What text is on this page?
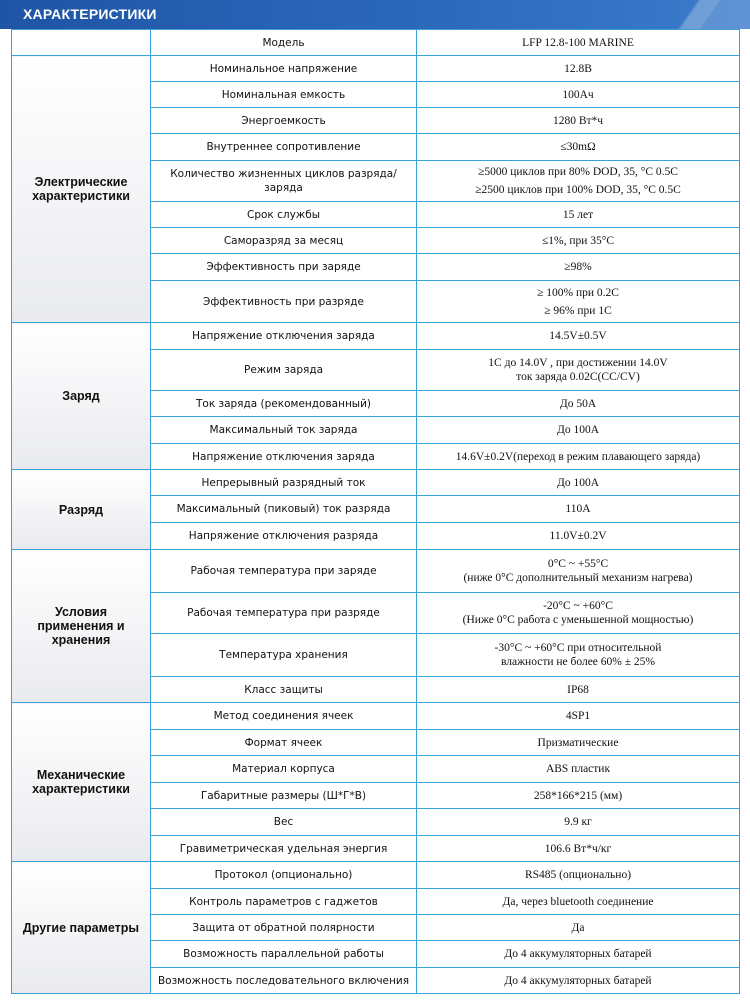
ХАРАКТЕРИСТИКИ
	Модель	LFP 12.8-100 MARINE
Электрические характеристики	Номинальное напряжение	12.8В
	Номинальная емкость	100Ач
	Энергоемкость	1280 Вт*ч
	Внутреннее сопротивление	≤30mΩ
	Количество жизненных циклов разряда/заряда	≥5000 циклов при 80% DOD, 35, °C 0.5C
≥2500 циклов при 100% DOD, 35, °C 0.5C

	Срок службы	15 лет
	Саморазряд за месяц	≤1%, при 35°C
	Эффективность при заряде	≥98%
	Эффективность при разряде	≥ 100% при 0.2C
≥ 96% при 1C

Заряд	Напряжение отключения заряда	14.5V±0.5V
	Режим заряда	1C до 14.0V , при достижении 14.0V
ток заряда 0.02C(CC/CV)

	Ток заряда (рекомендованный)	До 50A
	Максимальный ток заряда	До 100A
	Напряжение отключения заряда	14.6V±0.2V(переход в режим плавающего заряда)
Разряд	Непрерывный разрядный ток	До 100A
	Максимальный (пиковый) ток разряда	110A
	Напряжение отключения разряда	11.0V±0.2V
Условия применения и хранения	Рабочая температура при заряде	0°C ~ +55°C
(ниже 0°C дополнительный механизм нагрева)

	Рабочая температура при разряде	-20°C ~ +60°C
(Ниже 0°C работа с уменьшенной мощностью)

	Температура хранения	-30°C ~ +60°C при относительной
влажности не более 60% ± 25%

	Класс защиты	IP68
Механические характеристики	Метод соединения ячеек	4SP1
	Формат ячеек	Призматические
	Материал корпуса	ABS пластик
	Габаритные размеры (Ш*Г*В)	258*166*215 (мм)
	Вес	9.9 кг
	Гравиметрическая удельная энергия	106.6 Вт*ч/кг
Другие параметры	Протокол (опционально)	RS485 (опционально)
	Контроль параметров с гаджетов	Да, через bluetooth соединение
	Защита от обратной полярности	Да
	Возможность параллельной работы	До 4 аккумуляторных батарей
	Возможность последовательного включения	До 4 аккумуляторных батарей
